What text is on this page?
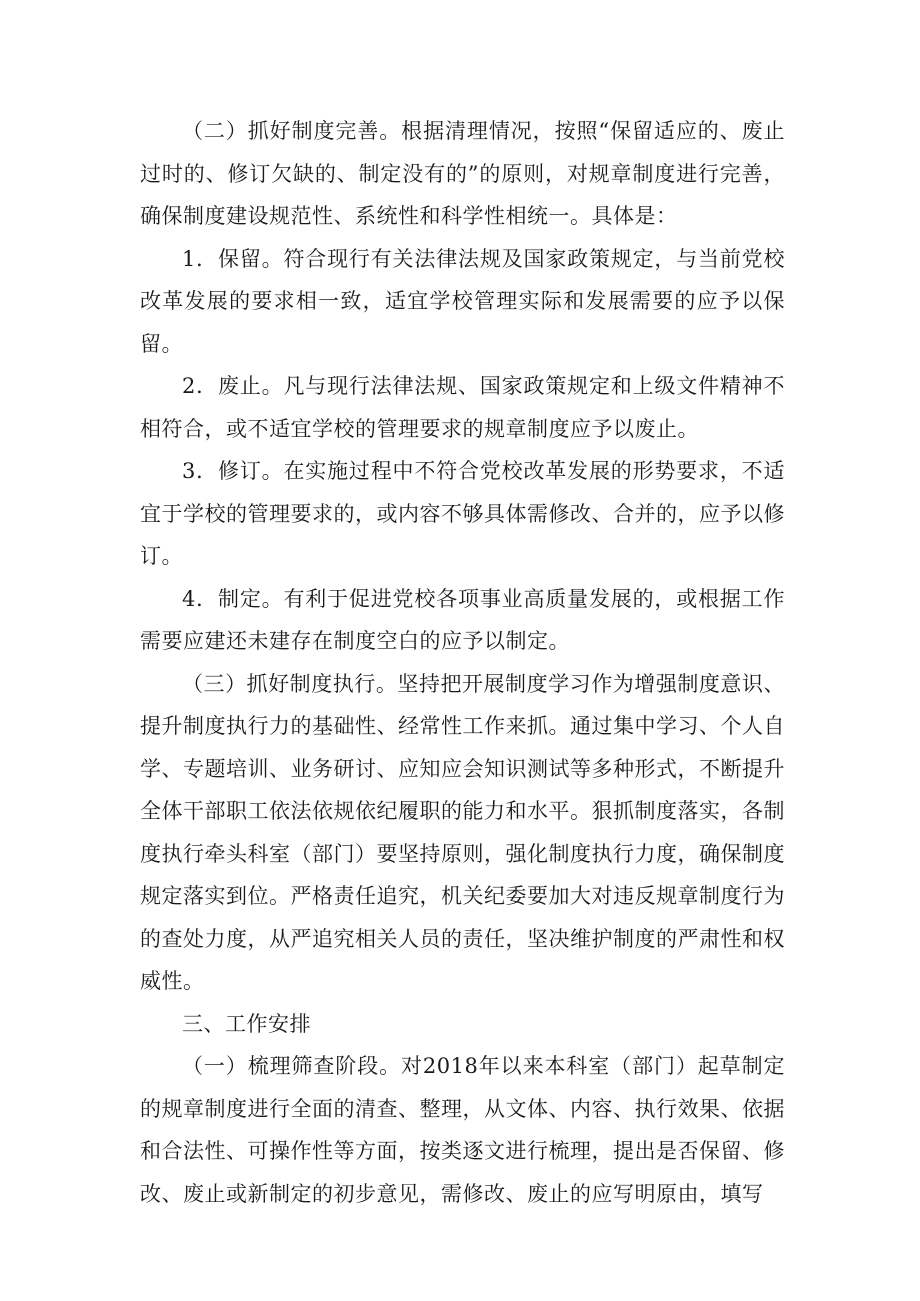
（二）抓好制度完善。根据清理情况，按照“保留适应的、废止过时的、修订欠缺的、制定没有的”的原则，对规章制度进行完善，确保制度建设规范性、系统性和科学性相统一。具体是：

1．保留。符合现行有关法律法规及国家政策规定，与当前党校改革发展的要求相一致，适宜学校管理实际和发展需要的应予以保留。

2．废止。凡与现行法律法规、国家政策规定和上级文件精神不相符合，或不适宜学校的管理要求的规章制度应予以废止。

3．修订。在实施过程中不符合党校改革发展的形势要求，不适宜于学校的管理要求的，或内容不够具体需修改、合并的，应予以修订。

4．制定。有利于促进党校各项事业高质量发展的，或根据工作需要应建还未建存在制度空白的应予以制定。

（三）抓好制度执行。坚持把开展制度学习作为增强制度意识、提升制度执行力的基础性、经常性工作来抓。通过集中学习、个人自学、专题培训、业务研讨、应知应会知识测试等多种形式，不断提升全体干部职工依法依规依纪履职的能力和水平。狠抓制度落实，各制度执行牵头科室（部门）要坚持原则，强化制度执行力度，确保制度规定落实到位。严格责任追究，机关纪委要加大对违反规章制度行为的查处力度，从严追究相关人员的责任，坚决维护制度的严肃性和权威性。

三、工作安排

（一）梳理筛查阶段。对2018年以来本科室（部门）起草制定的规章制度进行全面的清查、整理，从文体、内容、执行效果、依据和合法性、可操作性等方面，按类逐文进行梳理，提出是否保留、修改、废止或新制定的初步意见，需修改、废止的应写明原由，填写
